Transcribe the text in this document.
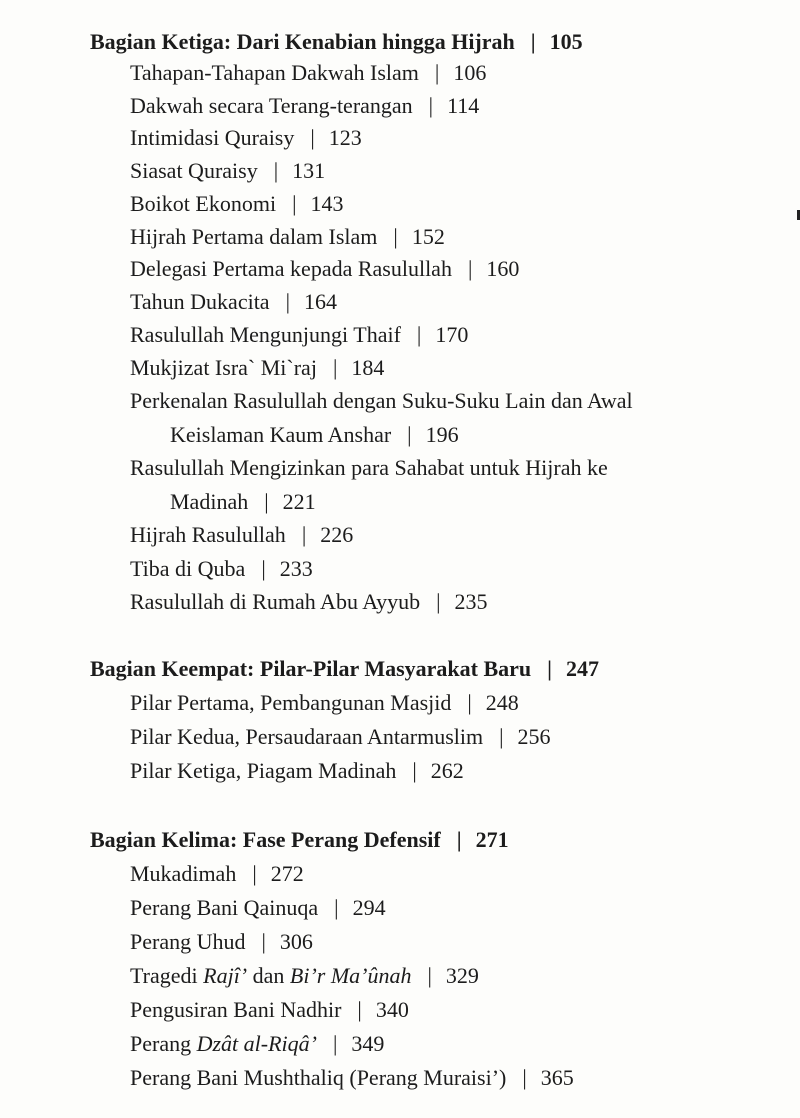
Bagian Ketiga: Dari Kenabian hingga Hijrah | 105
Tahapan-Tahapan Dakwah Islam | 106
Dakwah secara Terang-terangan | 114
Intimidasi Quraisy | 123
Siasat Quraisy | 131
Boikot Ekonomi | 143
Hijrah Pertama dalam Islam | 152
Delegasi Pertama kepada Rasulullah | 160
Tahun Dukacita | 164
Rasulullah Mengunjungi Thaif | 170
Mukjizat Isra` Mi`raj | 184
Perkenalan Rasulullah dengan Suku-Suku Lain dan Awal
Keislaman Kaum Anshar | 196
Rasulullah Mengizinkan para Sahabat untuk Hijrah ke
Madinah | 221
Hijrah Rasulullah | 226
Tiba di Quba | 233
Rasulullah di Rumah Abu Ayyub | 235
Bagian Keempat: Pilar-Pilar Masyarakat Baru | 247
Pilar Pertama, Pembangunan Masjid | 248
Pilar Kedua, Persaudaraan Antarmuslim | 256
Pilar Ketiga, Piagam Madinah | 262
Bagian Kelima: Fase Perang Defensif | 271
Mukadimah | 272
Perang Bani Qainuqa | 294
Perang Uhud | 306
Tragedi Rajî’ dan Bi’r Ma’ûnah | 329
Pengusiran Bani Nadhir | 340
Perang Dzât al-Riqâ’ | 349
Perang Bani Mushthaliq (Perang Muraisi’) | 365
